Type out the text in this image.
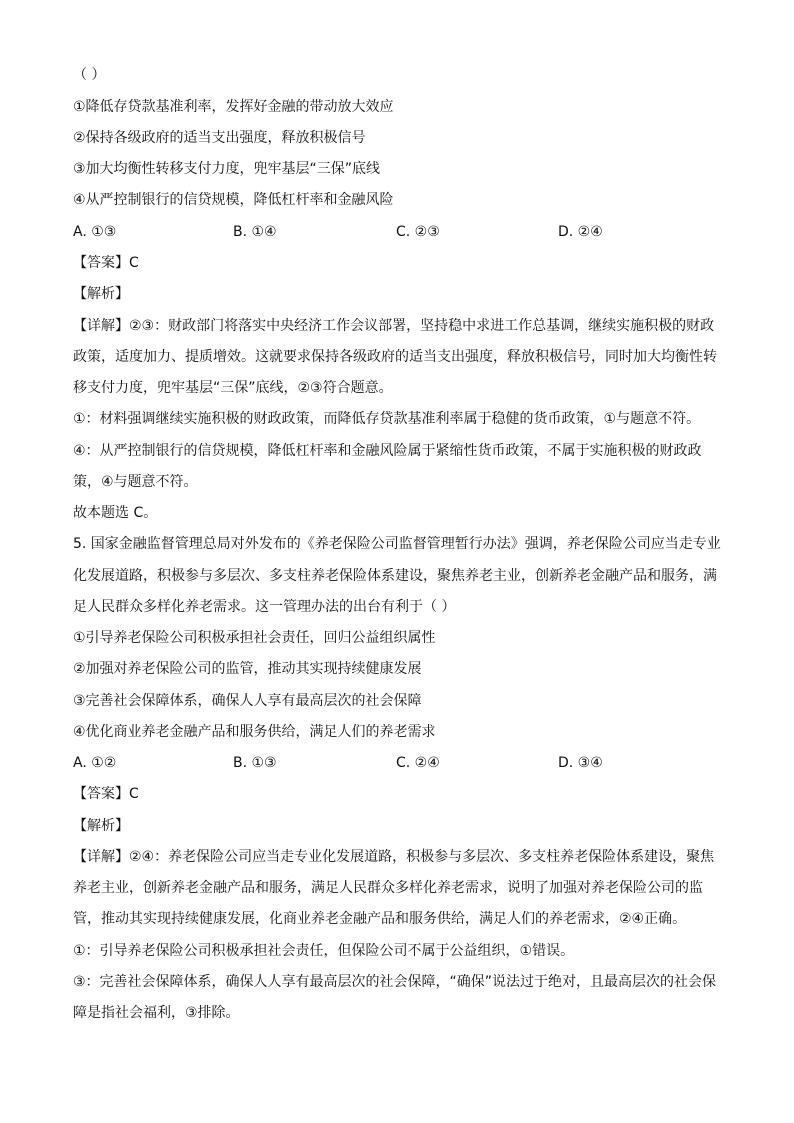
（ ）
①降低存贷款基准利率，发挥好金融的带动放大效应
②保持各级政府的适当支出强度，释放积极信号
③加大均衡性转移支付力度，兜牢基层“三保”底线
④从严控制银行的信贷规模，降低杠杆率和金融风险
A. ①③	B. ①④	C. ②③	D. ②④
【答案】C
【解析】
【详解】②③：财政部门将落实中央经济工作会议部署，坚持稳中求进工作总基调，继续实施积极的财政
政策，适度加力、提质增效。这就要求保持各级政府的适当支出强度，释放积极信号，同时加大均衡性转
移支付力度，兜牢基层“三保”底线，②③符合题意。
①：材料强调继续实施积极的财政政策，而降低存贷款基准利率属于稳健的货币政策，①与题意不符。
④：从严控制银行的信贷规模，降低杠杆率和金融风险属于紧缩性货币政策，不属于实施积极的财政政
策，④与题意不符。
故本题选 C。
5. 国家金融监督管理总局对外发布的《养老保险公司监督管理暂行办法》强调，养老保险公司应当走专业
化发展道路，积极参与多层次、多支柱养老保险体系建设，聚焦养老主业，创新养老金融产品和服务，满
足人民群众多样化养老需求。这一管理办法的出台有利于（ ）
①引导养老保险公司积极承担社会责任，回归公益组织属性
②加强对养老保险公司的监管，推动其实现持续健康发展
③完善社会保障体系，确保人人享有最高层次的社会保障
④优化商业养老金融产品和服务供给，满足人们的养老需求
A. ①②	B. ①③	C. ②④	D. ③④
【答案】C
【解析】
【详解】②④：养老保险公司应当走专业化发展道路，积极参与多层次、多支柱养老保险体系建设，聚焦
养老主业，创新养老金融产品和服务，满足人民群众多样化养老需求，说明了加强对养老保险公司的监
管，推动其实现持续健康发展，化商业养老金融产品和服务供给，满足人们的养老需求，②④正确。
①：引导养老保险公司积极承担社会责任，但保险公司不属于公益组织，①错误。
③：完善社会保障体系，确保人人享有最高层次的社会保障，“确保”说法过于绝对，且最高层次的社会保
障是指社会福利，③排除。
